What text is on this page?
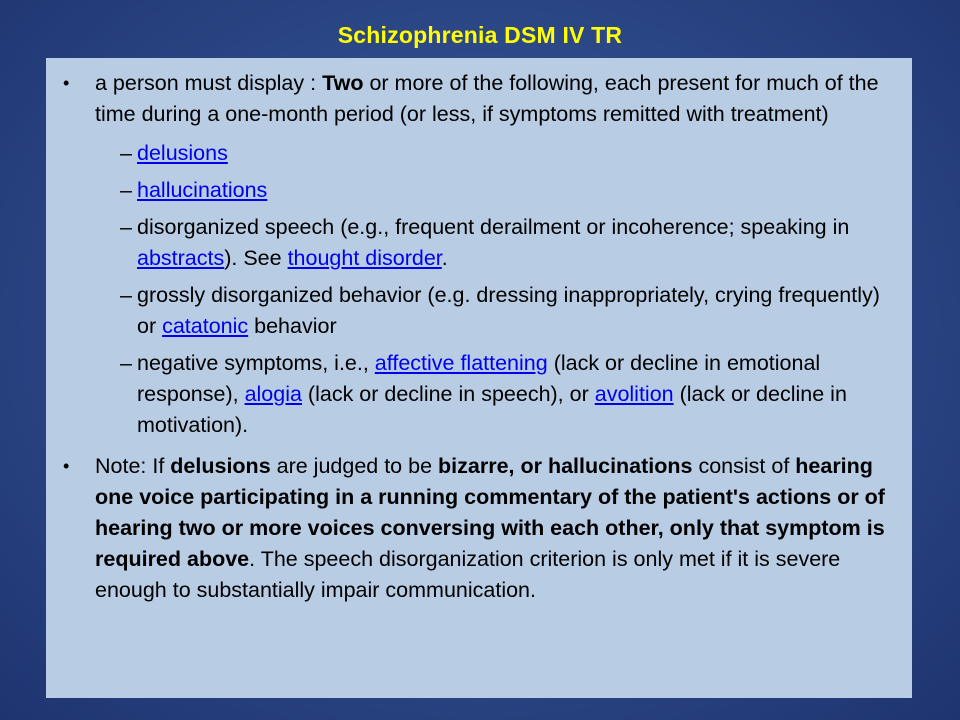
Schizophrenia DSM IV TR
• a person must display : Two or more of the following, each present for much of the time during a one-month period (or less, if symptoms remitted with treatment)
– delusions
– hallucinations
– disorganized speech (e.g., frequent derailment or incoherence; speaking in abstracts). See thought disorder.
– grossly disorganized behavior (e.g. dressing inappropriately, crying frequently) or catatonic behavior
– negative symptoms, i.e., affective flattening (lack or decline in emotional response), alogia (lack or decline in speech), or avolition (lack or decline in motivation).
• Note: If delusions are judged to be bizarre, or hallucinations consist of hearing one voice participating in a running commentary of the patient's actions or of hearing two or more voices conversing with each other, only that symptom is required above. The speech disorganization criterion is only met if it is severe enough to substantially impair communication.
